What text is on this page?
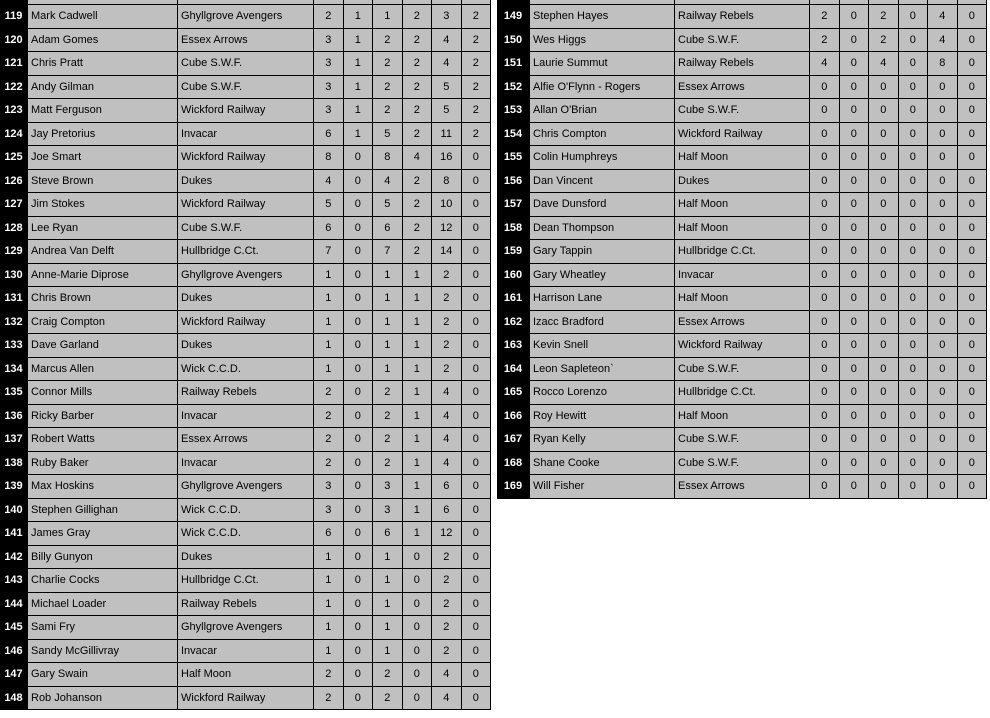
119 Mark Cadwell	Ghyllgrove Avengers	2	1	1	2	3	2
120 Adam Gomes	Essex Arrows	3	1	2	2	4	2
121 Chris Pratt	Cube S.W.F.	3	1	2	2	4	2
122 Andy Gilman	Cube S.W.F.	3	1	2	2	5	2
123 Matt Ferguson	Wickford Railway	3	1	2	2	5	2
124 Jay Pretorius	Invacar	6	1	5	2	11	2
125 Joe Smart	Wickford Railway	8	0	8	4	16	0
126 Steve Brown	Dukes	4	0	4	2	8	0
127 Jim Stokes	Wickford Railway	5	0	5	2	10	0
128 Lee Ryan	Cube S.W.F.	6	0	6	2	12	0
129 Andrea Van Delft	Hullbridge C.Ct.	7	0	7	2	14	0
130 Anne-Marie Diprose	Ghyllgrove Avengers	1	0	1	1	2	0
131 Chris Brown	Dukes	1	0	1	1	2	0
132 Craig Compton	Wickford Railway	1	0	1	1	2	0
133 Dave Garland	Dukes	1	0	1	1	2	0
134 Marcus Allen	Wick C.C.D.	1	0	1	1	2	0
135 Connor Mills	Railway Rebels	2	0	2	1	4	0
136 Ricky Barber	Invacar	2	0	2	1	4	0
137 Robert Watts	Essex Arrows	2	0	2	1	4	0
138 Ruby Baker	Invacar	2	0	2	1	4	0
139 Max Hoskins	Ghyllgrove Avengers	3	0	3	1	6	0
140 Stephen Gillighan	Wick C.C.D.	3	0	3	1	6	0
141 James Gray	Wick C.C.D.	6	0	6	1	12	0
142 Billy Gunyon	Dukes	1	0	1	0	2	0
143 Charlie Cocks	Hullbridge C.Ct.	1	0	1	0	2	0
144 Michael Loader	Railway Rebels	1	0	1	0	2	0
145 Sami Fry	Ghyllgrove Avengers	1	0	1	0	2	0
146 Sandy McGillivray	Invacar	1	0	1	0	2	0
147 Gary Swain	Half Moon	2	0	2	0	4	0
148 Rob Johanson	Wickford Railway	2	0	2	0	4	0
149 Stephen Hayes	Railway Rebels	2	0	2	0	4	0
150 Wes Higgs	Cube S.W.F.	2	0	2	0	4	0
151 Laurie Summut	Railway Rebels	4	0	4	0	8	0
152 Alfie O'Flynn - Rogers	Essex Arrows	0	0	0	0	0	0
153 Allan O'Brian	Cube S.W.F.	0	0	0	0	0	0
154 Chris Compton	Wickford Railway	0	0	0	0	0	0
155 Colin Humphreys	Half Moon	0	0	0	0	0	0
156 Dan Vincent	Dukes	0	0	0	0	0	0
157 Dave Dunsford	Half Moon	0	0	0	0	0	0
158 Dean Thompson	Half Moon	0	0	0	0	0	0
159 Gary Tappin	Hullbridge C.Ct.	0	0	0	0	0	0
160 Gary Wheatley	Invacar	0	0	0	0	0	0
161 Harrison Lane	Half Moon	0	0	0	0	0	0
162 Izacc Bradford	Essex Arrows	0	0	0	0	0	0
163 Kevin Snell	Wickford Railway	0	0	0	0	0	0
164 Leon Sapleteon`	Cube S.W.F.	0	0	0	0	0	0
165 Rocco Lorenzo	Hullbridge C.Ct.	0	0	0	0	0	0
166 Roy Hewitt	Half Moon	0	0	0	0	0	0
167 Ryan Kelly	Cube S.W.F.	0	0	0	0	0	0
168 Shane Cooke	Cube S.W.F.	0	0	0	0	0	0
169 Will Fisher	Essex Arrows	0	0	0	0	0	0
